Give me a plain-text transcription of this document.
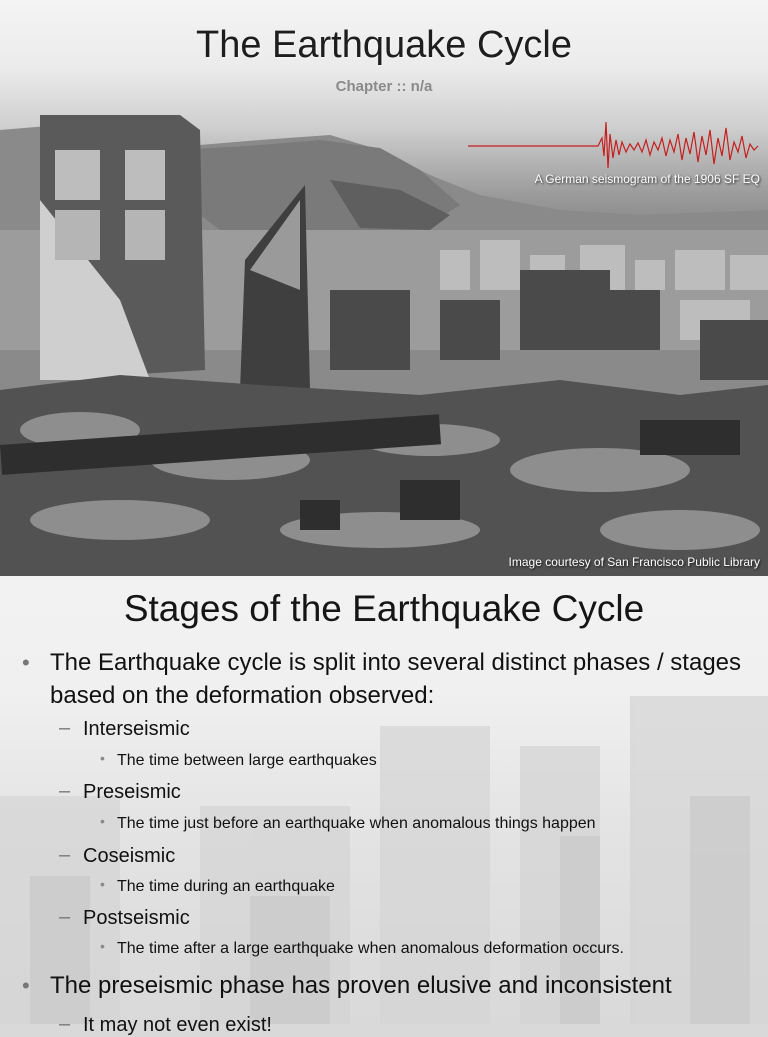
The Earthquake Cycle
Chapter :: n/a
A German seismogram of the 1906 SF EQ
Image courtesy of San Francisco Public Library
Stages of the Earthquake Cycle
• The Earthquake cycle is split into several distinct phases / stages based on the deformation observed:
– Interseismic
• The time between large earthquakes
– Preseismic
• The time just before an earthquake when anomalous things happen
– Coseismic
• The time during an earthquake
– Postseismic
• The time after a large earthquake when anomalous deformation occurs.
• The preseismic phase has proven elusive and inconsistent
– It may not even exist!
